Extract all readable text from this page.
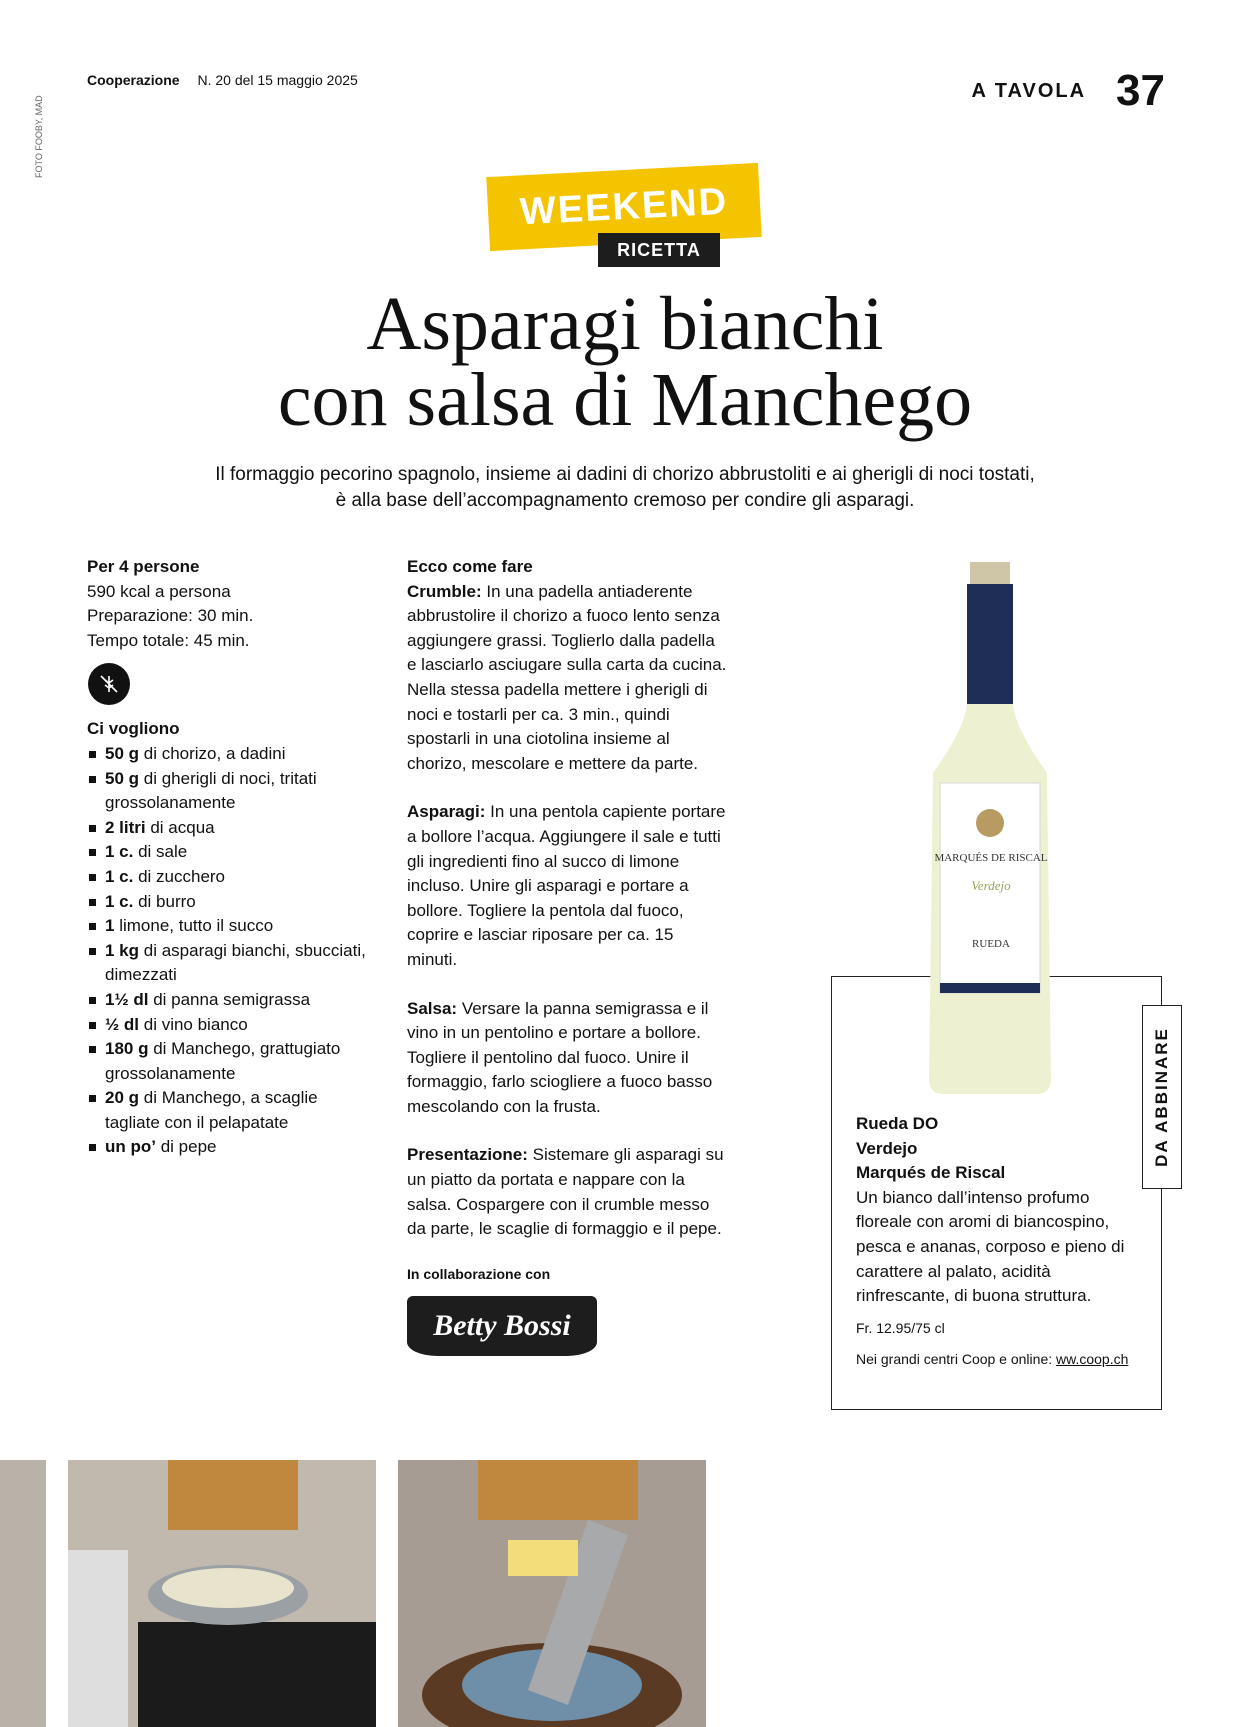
Cooperazione N. 20 del 15 maggio 2025	A TAVOLA 37
FOTO FOOBY, MAD
WEEKEND
RICETTA
Asparagi bianchi
con salsa di Manchego
Il formaggio pecorino spagnolo, insieme ai dadini di chorizo abbrustoliti e ai gherigli di noci tostati,
è alla base dell’accompagnamento cremoso per condire gli asparagi.

Per 4 persone

590 kcal a persona

Preparazione: 30 min.

Tempo totale: 45 min.

Ci vogliono

50 g di chorizo, a dadini
50 g di gherigli di noci, tritati grossolanamente
2 litri di acqua
1 c. di sale
1 c. di zucchero
1 c. di burro
1 limone, tutto il succo
1 kg di asparagi bianchi, sbucciati, dimezzati
1½ dl di panna semigrassa
½ dl di vino bianco
180 g di Manchego, grattugiato grossolanamente
20 g di Manchego, a scaglie tagliate con il pelapatate
un po’ di pepe

Ecco come fare

Crumble: In una padella antiaderente abbrustolire il chorizo a fuoco lento senza aggiungere grassi. Toglierlo dalla padella e lasciarlo asciugare sulla carta da cucina. Nella stessa padella mettere i gherigli di noci e tostarli per ca. 3 min., quindi spostarli in una ciotolina insieme al chorizo, mescolare e mettere da parte.

Asparagi: In una pentola capiente portare a bollore l’acqua. Aggiungere il sale e tutti gli ingredienti fino al succo di limone incluso. Unire gli asparagi e portare a bollore. Togliere la pentola dal fuoco, coprire e lasciar riposare per ca. 15 minuti.

Salsa: Versare la panna semigrassa e il vino in un pentolino e portare a bollore. Togliere il pentolino dal fuoco. Unire il formaggio, farlo sciogliere a fuoco basso mescolando con la frusta.

Presentazione: Sistemare gli asparagi su un piatto da portata e nappare con la salsa. Cospargere con il crumble messo da parte, le scaglie di formaggio e il pepe.

In collaborazione con
Betty Bossi
MARQUÉS DE RISCAL
Verdejo
RUEDA
DA ABBINARE
Rueda DO
Verdejo
Marqués de Riscal
Un bianco dall’intenso profumo floreale con aromi di biancospino, pesca e ananas, corposo e pieno di carattere al palato, acidità rinfrescante, di buona struttura.
Fr. 12.95/75 cl
Nei grandi centri Coop e online: ww.coop.ch
